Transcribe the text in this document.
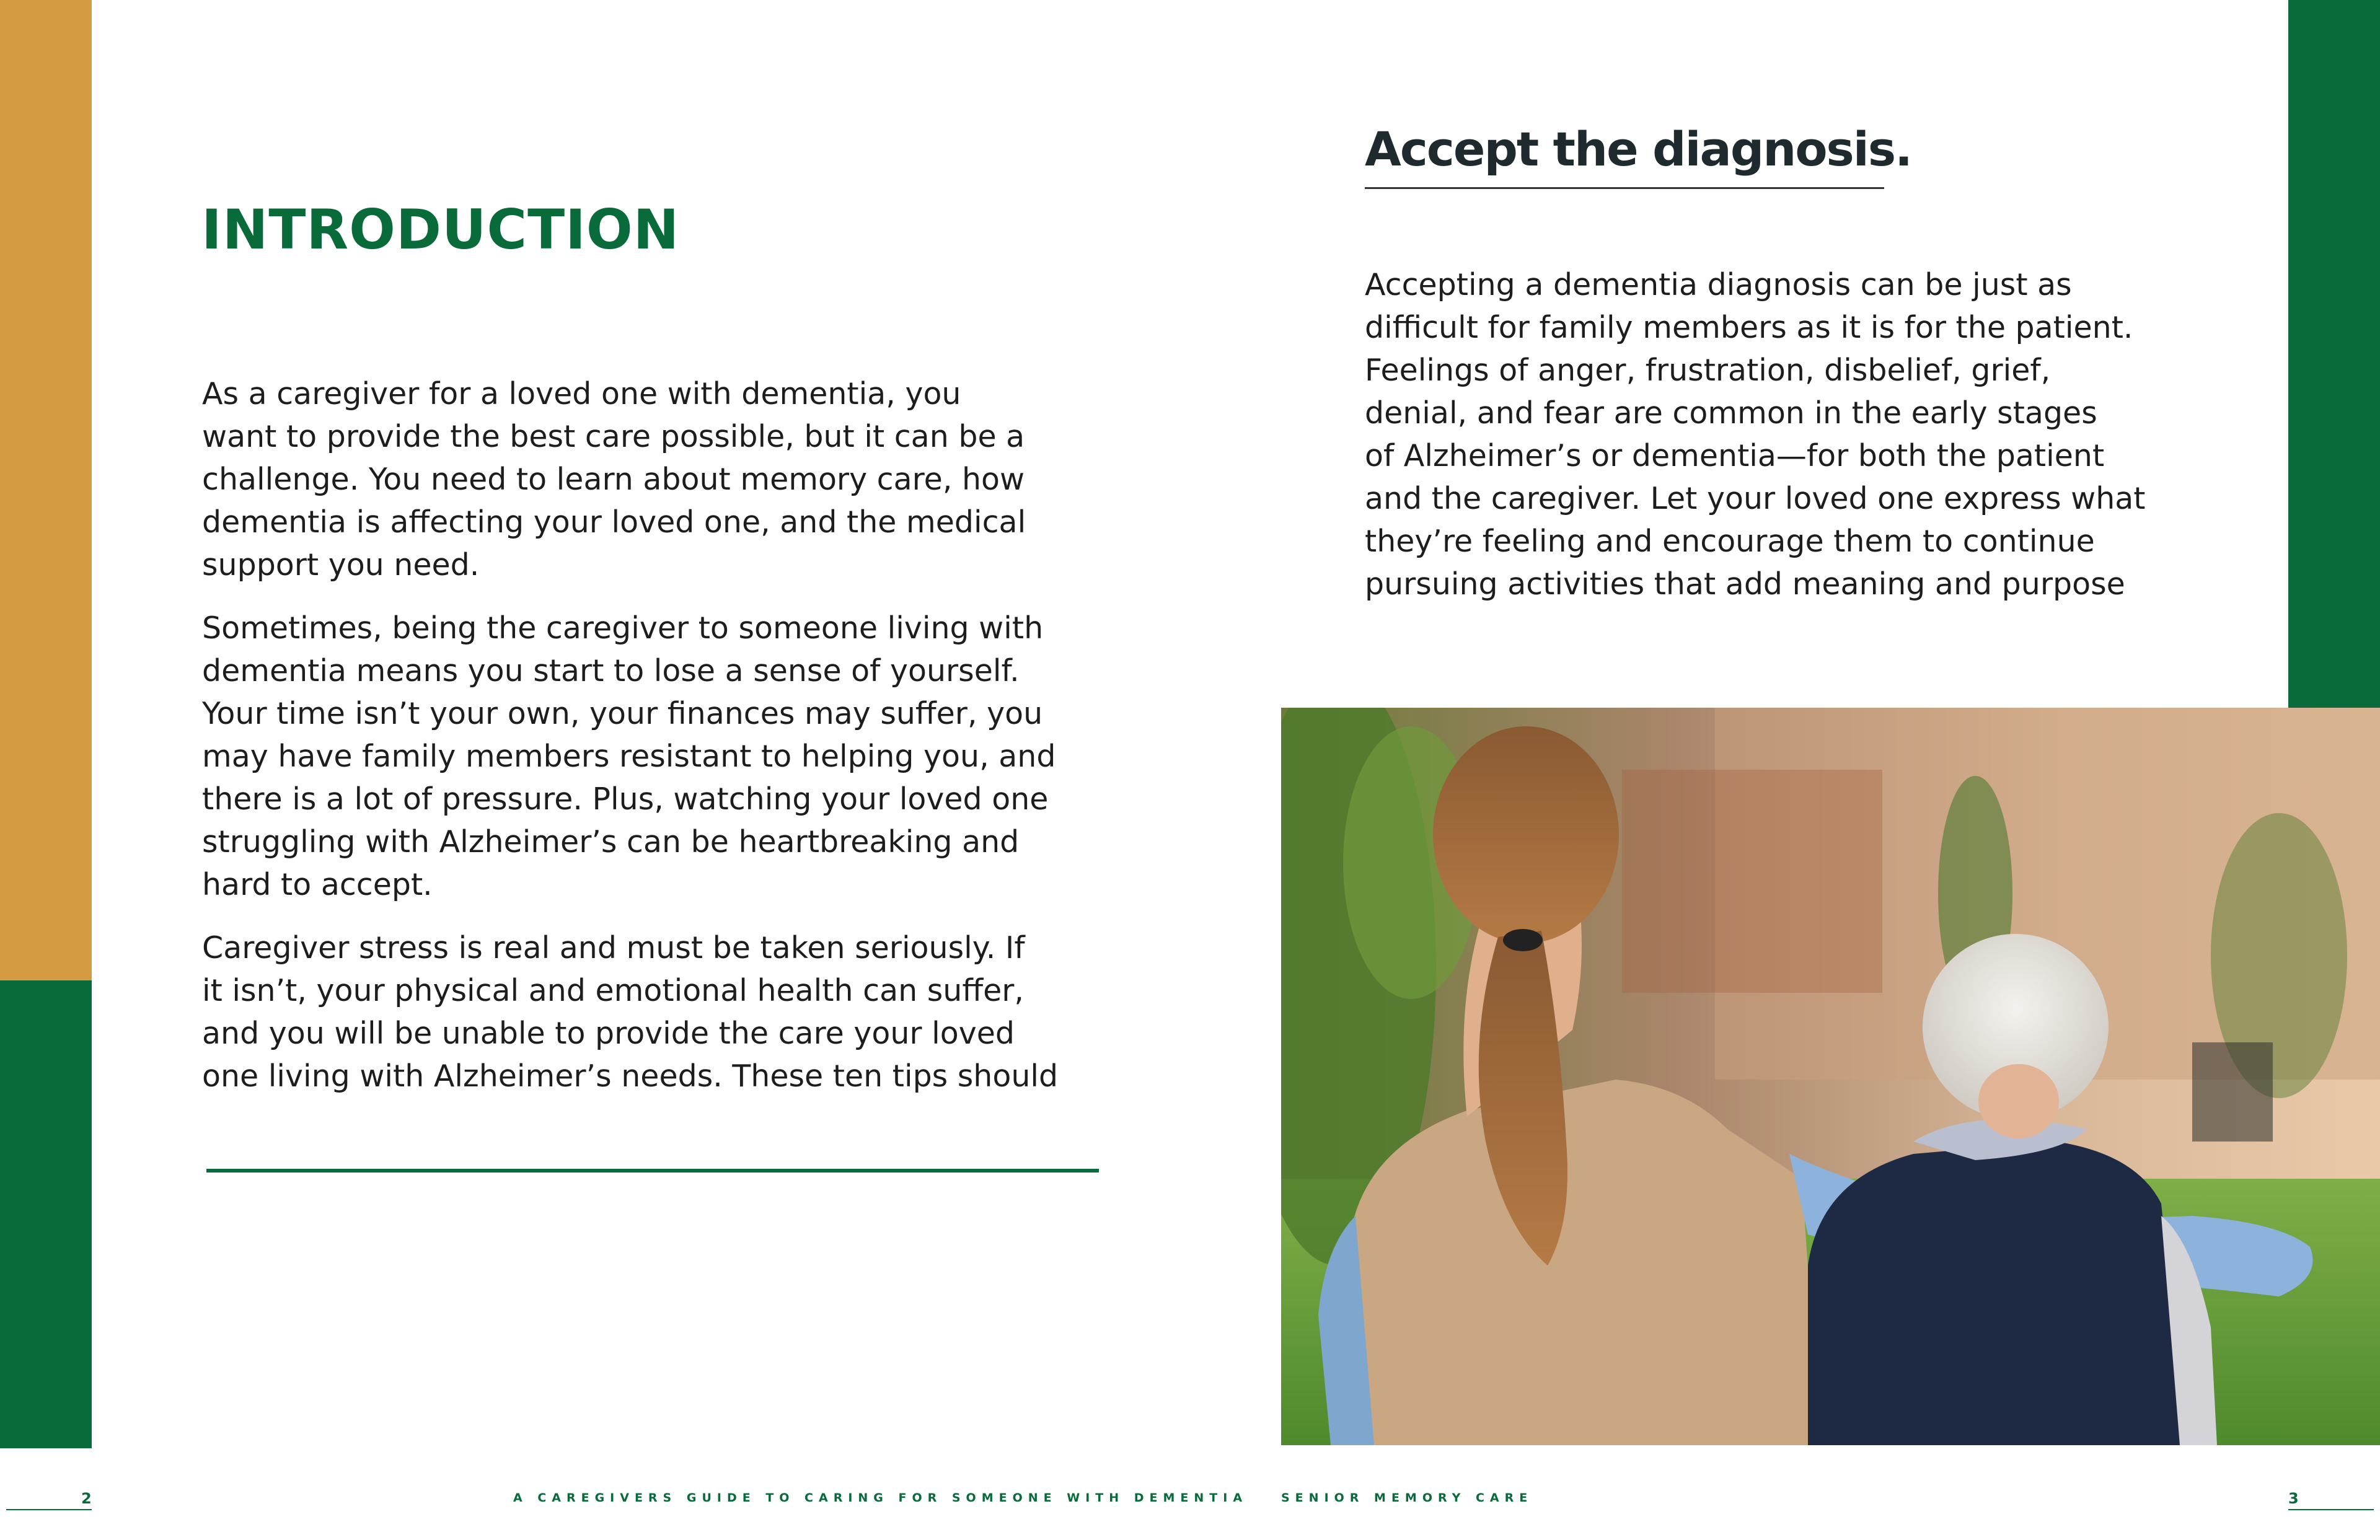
INTRODUCTION

As a caregiver for a loved one with dementia, you
want to provide the best care possible, but it can be a
challenge. You need to learn about memory care, how
dementia is affecting your loved one, and the medical
support you need.

Sometimes, being the caregiver to someone living with
dementia means you start to lose a sense of yourself.
Your time isn’t your own, your finances may suffer, you
may have family members resistant to helping you, and
there is a lot of pressure. Plus, watching your loved one
struggling with Alzheimer’s can be heartbreaking and
hard to accept.

Caregiver stress is real and must be taken seriously. If
it isn’t, your physical and emotional health can suffer,
and you will be unable to provide the care your loved
one living with Alzheimer’s needs. These ten tips should

Accept the diagnosis.

Accepting a dementia diagnosis can be just as
difficult for family members as it is for the patient.
Feelings of anger, frustration, disbelief, grief,
denial, and fear are common in the early stages
of Alzheimer’s or dementia—for both the patient
and the caregiver. Let your loved one express what
they’re feeling and encourage them to continue
pursuing activities that add meaning and purpose

2	A CAREGIVERS GUIDE TO CARING FOR SOMEONE WITH DEMENTIA	SENIOR MEMORY CARE	3
